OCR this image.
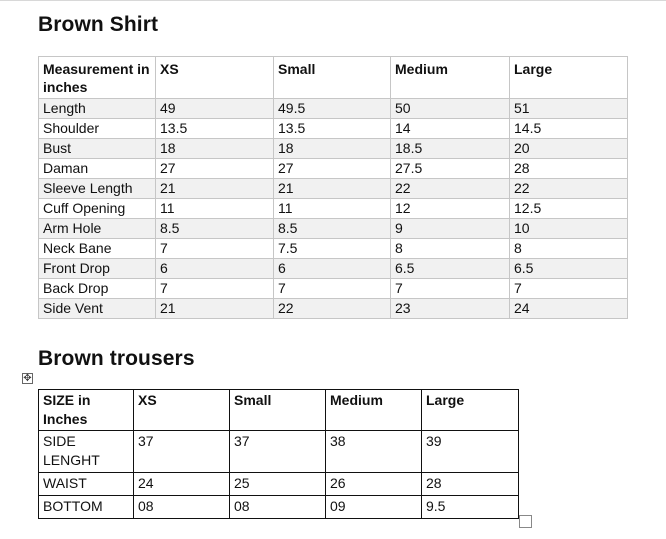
Brown Shirt
Measurement in inches	XS	Small	Medium	Large
Length	49	49.5	50	51
Shoulder	13.5	13.5	14	14.5
Bust	18	18	18.5	20
Daman	27	27	27.5	28
Sleeve Length	21	21	22	22
Cuff Opening	11	11	12	12.5
Arm Hole	8.5	8.5	9	10
Neck Bane	7	7.5	8	8
Front Drop	6	6	6.5	6.5
Back Drop	7	7	7	7
Side Vent	21	22	23	24
Brown trousers
✥
SIZE in Inches	XS	Small	Medium	Large
SIDE LENGHT	37	37	38	39
WAIST	24	25	26	28
BOTTOM	08	08	09	9.5
